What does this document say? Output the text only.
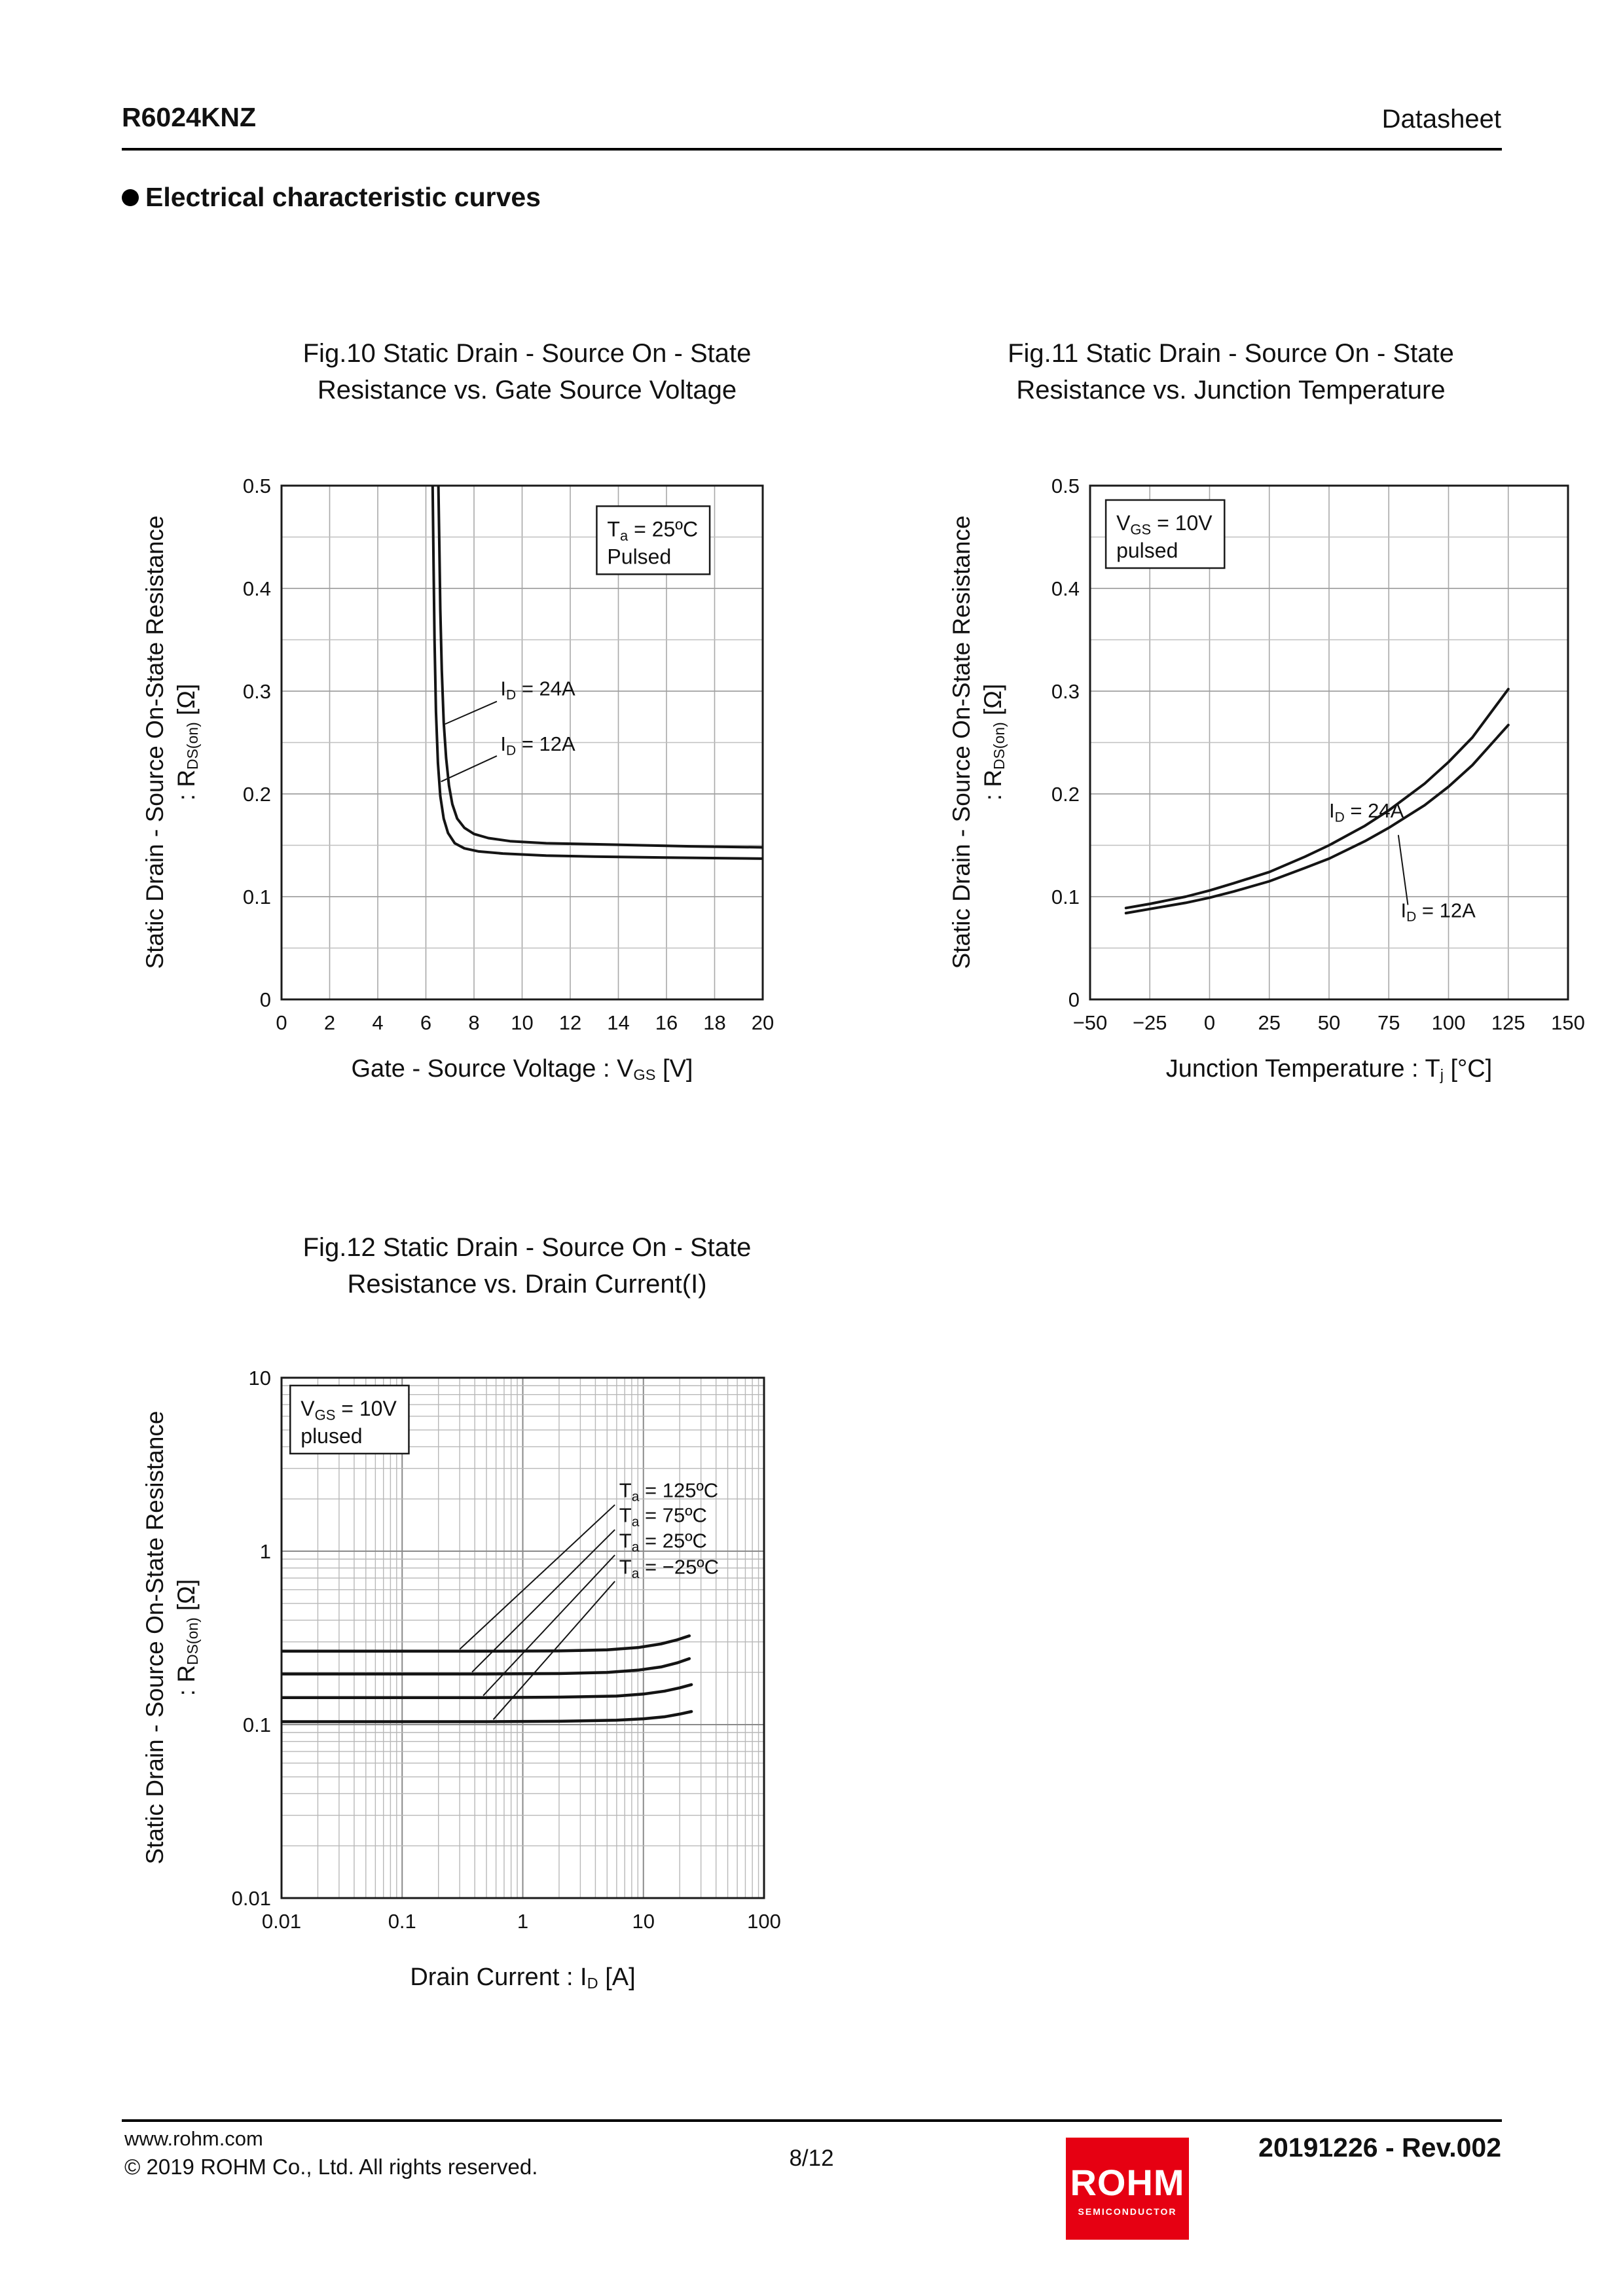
R6024KNZ	Datasheet
Electrical characteristic curves
Fig.10 Static Drain - Source On - State
Resistance vs. Gate Source Voltage
Fig.11 Static Drain - Source On - State
Resistance vs. Junction Temperature
Fig.12 Static Drain - Source On - State
Resistance vs. Drain Current(I)
Static Drain - Source On-State Resistance : $R_{DS(on)}$ [Ω]	Static Drain - Source On-State Resistance : $R_{DS(on)}$ [Ω]
Static Drain - Source On-State Resistance : $R_{DS(on)}$ [Ω]
Gate - Source Voltage : $V_{GS}$ [V]	Junction Temperature : $T_j$ [°C]
Drain Current : $I_D$ [A]
0 2 4 6 8 10 12 14 16 18 20
0
0.1
0.2
0.3
0.4
0.5
$I_D = 24A$
$I_D = 12A$
$T_a$ = 25ºC
Pulsed
−50 −25 0 25 50 75 100 125 150
0
0.1
0.2
0.3
0.4
0.5
$I_D = 24A$
$I_D = 12A$
$V_{GS} = 10V$
pulsed
0.01	0.1	1	10	100
0.01
0.1
1
10
$T_a$ = 125ºC
$T_a$ = 75ºC
$T_a$ = 25ºC
$T_a$ = −25ºC
$V_{GS} = 10V$
plused
www.rohm.com
© 2019 ROHM Co., Ltd. All rights reserved.	8/12	20191226 - Rev.002
ROHM
SEMICONDUCTOR
